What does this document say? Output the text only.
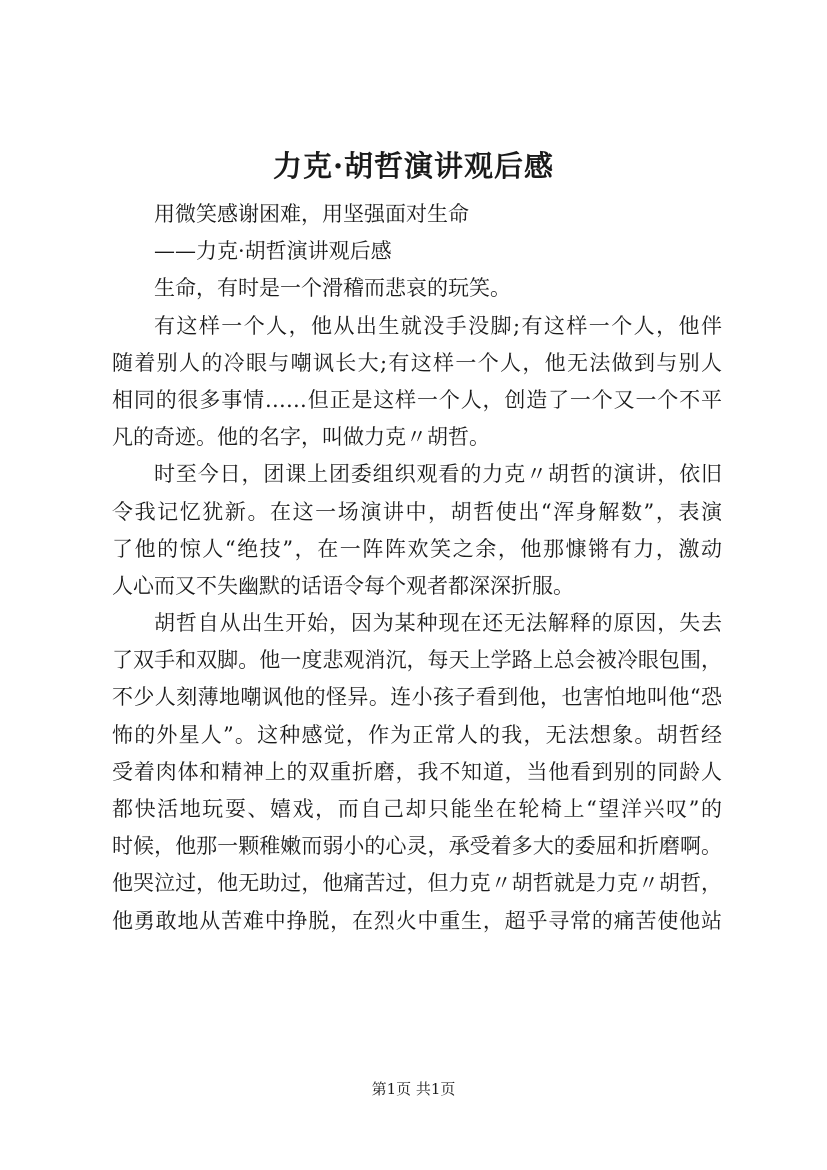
力克·胡哲演讲观后感
用微笑感谢困难，用坚强面对生命
——力克·胡哲演讲观后感
生命，有时是一个滑稽而悲哀的玩笑。
有这样一个人，他从出生就没手没脚;有这样一个人，他伴
随着别人的冷眼与嘲讽长大;有这样一个人，他无法做到与别人
相同的很多事情……但正是这样一个人，创造了一个又一个不平
凡的奇迹。他的名字，叫做力克〃胡哲。
时至今日，团课上团委组织观看的力克〃胡哲的演讲，依旧
令我记忆犹新。在这一场演讲中，胡哲使出“浑身解数”，表演
了他的惊人“绝技”，在一阵阵欢笑之余，他那慷锵有力，激动
人心而又不失幽默的话语令每个观者都深深折服。
胡哲自从出生开始，因为某种现在还无法解释的原因，失去
了双手和双脚。他一度悲观消沉，每天上学路上总会被冷眼包围，
不少人刻薄地嘲讽他的怪异。连小孩子看到他，也害怕地叫他“恐
怖的外星人”。这种感觉，作为正常人的我，无法想象。胡哲经
受着肉体和精神上的双重折磨，我不知道，当他看到别的同龄人
都快活地玩耍、嬉戏，而自己却只能坐在轮椅上“望洋兴叹”的
时候，他那一颗稚嫩而弱小的心灵，承受着多大的委屈和折磨啊。
他哭泣过，他无助过，他痛苦过，但力克〃胡哲就是力克〃胡哲，
他勇敢地从苦难中挣脱，在烈火中重生，超乎寻常的痛苦使他站
第1页 共1页
